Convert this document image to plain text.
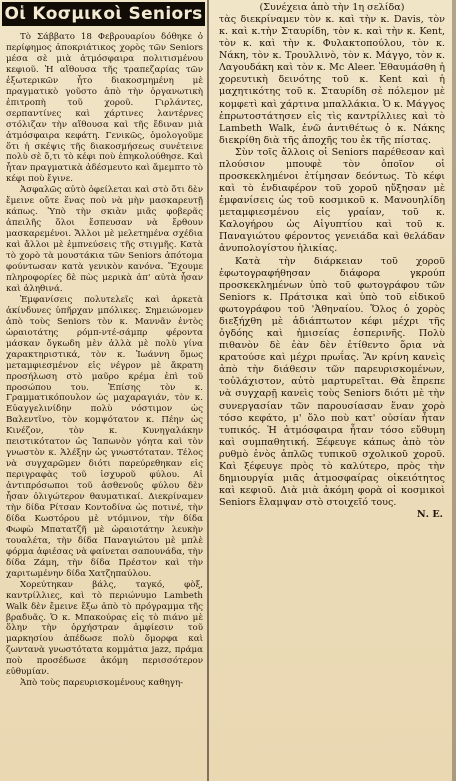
Οἱ Κοσμικοὶ Seniors

Τὸ Σάββατο 18 Φεβρουαρίου δόθηκε ὁ περίφημος ἀποκριάτικος χορὸς τῶν Seniors μέσα σὲ μιὰ ἀτμόσφαιρα πολιτισμένου κεφιοῦ. Ἡ αἴθουσα τῆς τραπεζαρίας τῶν ἐξωτερικῶν ἦτο διακοσμημένη μὲ πραγματικὸ γοῦστο ἀπὸ τὴν ὀργανωτικὴ ἐπιτροπὴ τοῦ χοροῦ. Γιρλάντες, σερπαντίνες καὶ χάρτινες λαντέρνες στόλιζαν τὴν αἴθουσα καὶ τῆς ἔδιναν μιὰ ἀτμόσφαιρα κεφάτη. Γενικῶς, ὁμολογοῦμε ὅτι ἡ σκέψις τῆς διακοσμήσεως συνέτεινε πολὺ σὲ ὅ,τι τὸ κέφι ποὺ ἐπηκολούθησε. Καὶ ἦταν πραγματικὰ ἀδέσμευτο καὶ ἄμεμπτο τὸ κέφι ποὺ ἔγινε.

Ἀσφαλῶς αὐτὸ ὀφείλεται καὶ στὸ ὅτι δὲν ἔμεινε οὔτε ἕνας ποὺ νὰ μὴν μασκαρευτῇ κάπως. Ὑπὸ τὴν σκιὰν μιᾶς φοβερᾶς ἀπειλῆς ὅλοι ἔσπευσαν νὰ ἔρθουν μασκαρεμένοι. Ἄλλοι μὲ μελετημένα σχέδια καὶ ἄλλοι μὲ ἐμπνεύσεις τῆς στιγμῆς. Κατὰ τὸ χορὸ τὰ μουστάκια τῶν Seniors ἀπότομα φούντωσαν κατὰ γενικὸν κανόνα. Ἔχουμε πληροφορίες δὲ πὼς μερικὰ ἀπ' αὐτὰ ἦσαν καὶ ἀληθινά.

Ἐμφανίσεις πολυτελεῖς καὶ ἀρκετὰ ἀκίνδυνες ὑπῆρχαν μπόλικες. Σημειώνομεν ἀπὸ τοὺς Seniors τὸν κ. Μαννᾶν ἐντὸς ὡραιοτάτης ρόμπ-ντέ-σάμπρ φέροντα μάσκαν ὄγκωδη μὲν ἀλλὰ μὲ πολὺ γίνα χαρακτηριστικά, τὸν κ. Ἰωάννη ὅμως μεταμφιεσμένον εἰς νέγρον μὲ ἄκρατη προσήλωση στὸ μαῦρο κρέμα ἐπὶ τοῦ προσώπου του. Ἐπίσης τὸν κ. Γραμματικόπουλον ὡς μαχαραγιάν, τὸν κ. Εὐαγγελινίδην πολὺ νόστιμον ὡς Βαλεντῖνο, τὸν κομψότατον κ. Πέην ὡς Κινέζον, τὸν κ. Κυνηγαλάκην πειστικότατον ὡς Ἰαπωνὸν γόητα καὶ τὸν γνωστὸν κ. Ἀλέξην ὡς γνωστόταταν. Τέλος νὰ συγχαρῶμεν διότι παρεύρεθηκαν εἰς περιγραφὰς τοῦ ἰσχυροῦ φύλου. Αἱ ἀντιπρόσωποι τοῦ ἀσθενοῦς φύλου δὲν ἦσαν ὀλιγώτερον θαυματικαί. Διεκρίναμεν τὴν δίδα Ρίτσαν Κοντοδίνα ὡς ποτινέ, τὴν δίδα Κωστόρου μὲ ντόμινον, τὴν δίδα Φωφὼ Μπατατζῆ μὲ ὡραιοτάτην λευκὴν τουαλέτα, τὴν δίδα Παναγιώτου μὲ μπλὲ φόρμα ἀφιέσας νὰ φαίνεται σαπουνάδα, τὴν δίδα Ζάμη, τὴν δίδα Πρέστον καὶ τὴν χαριτωμένην δίδα Χατζηπαύλου.

Χορεύτηκαν βάλς, ταγκό, φὸξ, καντρίλλιες, καὶ τὸ περιώνυμο Lambeth Walk δὲν ἔμεινε ἔξω ἀπὸ τὸ πρόγραμμα τῆς βραδυᾶς. Ὁ κ. Μπακούρας εἰς τὸ πιάνο μὲ ὅλην τὴν ὀρχήστραν ἀμφίεσιν τοῦ μαρκησίου ἀπέδωσε πολὺ ὄμορφα καὶ ζωντανὰ γνωστότατα κομμάτια jazz, πράμα ποὺ προσέδωσε ἀκόμη περισσότερον εὐθυμίαν.

Ἀπὸ τοὺς παρευρισκομένους καθηγη-

(Συνέχεια ἀπὸ τὴν 1η σελίδα)

τὰς διεκρίναμεν τὸν κ. καὶ τὴν κ. Davis, τὸν κ. καὶ κ.τὴν Σταυρίδη, τὸν κ. καὶ τὴν κ. Kent, τὸν κ. καὶ τὴν κ. Φυλακτοπούλου, τὸν κ. Νάκη, τὸν κ. Τρουλλινὸ, τὸν κ. Μάγγο, τὸν κ. Λαγουδάκη καὶ τὸν κ. Mc Aleer. Ἐθαυμάσθη ἡ χορευτικὴ δεινότης τοῦ κ. Kent καὶ ἡ μαχητικότης τοῦ κ. Σταυρίδη σὲ πόλεμον μὲ κομφετὶ καὶ χάρτινα μπαλλάκια. Ὁ κ. Μάγγος ἐπρωτοστάτησεν εἰς τὶς καντρίλλιες καὶ τὸ Lambeth Walk, ἐνῶ ἀντιθέτως ὁ κ. Νάκης διεκρίθη διὰ τῆς ἀποχῆς του ἐκ τῆς πίστας.

Σὺν τοῖς ἄλλοις οἱ Seniors παρέθεσαν καὶ πλούσιον μπουφὲ τὸν ὁποῖον οἱ προσκεκλημένοι ἐτίμησαν δεόντως. Τὸ κέφι καὶ τὸ ἐνδιαφέρον τοῦ χοροῦ ηὔξησαν μὲ ἐμφανίσεις ὡς τοῦ κοσμικοῦ κ. Μανουηλίδη μεταμφιεσμένου εἰς γραίαν, τοῦ κ. Καλογήρου ὡς Αἰγυπτίου καὶ τοῦ κ. Παναγιώτου φέροντος γενειάδα καὶ θελάδαν ἀνυπολογίστου ἡλικίας.

Κατὰ τὴν διάρκειαν τοῦ χοροῦ ἐφωτογραφήθησαν διάφορα γκρούπ προσκεκλημένων ὑπὸ τοῦ φωτογράφου τῶν Seniors κ. Πράτσικα καὶ ὑπὸ τοῦ εἰδικοῦ φωτογράφου τοῦ 'Ἀθηναίου. Ὅλος ὁ χορὸς διεξήχθη μὲ ἀδιάπτωτον κέφι μέχρι τῆς ὀγδόης καὶ ἡμισείας ἑσπερινῆς. Πολὺ πιθανὸν δὲ ἐὰν δὲν ἐτίθεντο ὅρια νὰ κρατούσε καὶ μέχρι πρωΐας. Ἂν κρίνη κανεὶς ἀπὸ τὴν διάθεσιν τῶν παρευρισκομένων, τοὐλάχιστον, αὐτὸ μαρτυρεῖται. Θὰ ἔπρεπε νὰ συγχαρῇ κανεὶς τοὺς Seniors διότι μὲ τὴν συνεργασίαν τῶν παρουσίασαν ἕναν χορὸ τόσο κεφάτο, μ' ὅλο ποὺ κατ' οὐσίαν ἦταν τυπικός. Ἡ ἀτμόσφαιρα ἦταν τόσο εὔθυμη καὶ συμπαθητική. Ξέφευγε κάπως ἀπὸ τὸν ρυθμὸ ἑνὸς ἁπλῶς τυπικοῦ σχολικοῦ χοροῦ. Καὶ ξέφευγε πρὸς τὸ καλύτερο, πρὸς τὴν δημιουργία μιᾶς ἀτμοσφαίρας οἰκειότητος καὶ κεφιοῦ. Διὰ μιὰ ἀκόμη φορὰ οἱ κοσμικοὶ Seniors ἔλαμψαν στὸ στοιχεῖό τους.

Ν. Ε.
